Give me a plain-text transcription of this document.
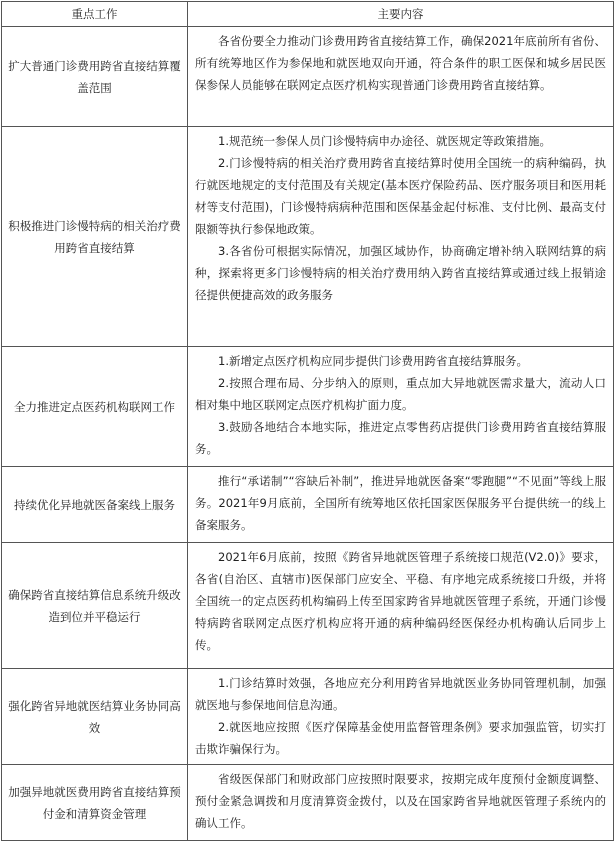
重点工作	主要内容
扩大普通门诊费用跨省直接结算覆盖范围	各省份要全力推动门诊费用跨省直接结算工作，确保2021年底前所有省份、所有统筹地区作为参保地和就医地双向开通，符合条件的职工医保和城乡居民医保参保人员能够在联网定点医疗机构实现普通门诊费用跨省直接结算。

积极推进门诊慢特病的相关治疗费用跨省直接结算	1.规范统一参保人员门诊慢特病申办途径、就医规定等政策措施。

2.门诊慢特病的相关治疗费用跨省直接结算时使用全国统一的病种编码，执行就医地规定的支付范围及有关规定(基本医疗保险药品、医疗服务项目和医用耗材等支付范围)，门诊慢特病病种范围和医保基金起付标准、支付比例、最高支付限额等执行参保地政策。

3.各省份可根据实际情况，加强区域协作，协商确定增补纳入联网结算的病种，探索将更多门诊慢特病的相关治疗费用纳入跨省直接结算或通过线上报销途径提供便捷高效的政务服务

全力推进定点医药机构联网工作	1.新增定点医疗机构应同步提供门诊费用跨省直接结算服务。

2.按照合理布局、分步纳入的原则，重点加大异地就医需求量大，流动人口相对集中地区联网定点医疗机构扩面力度。

3.鼓励各地结合本地实际，推进定点零售药店提供门诊费用跨省直接结算服务。

持续优化异地就医备案线上服务	推行“承诺制”“容缺后补制”，推进异地就医备案“零跑腿”“不见面”等线上服务。2021年9月底前，全国所有统筹地区依托国家医保服务平台提供统一的线上备案服务。

确保跨省直接结算信息系统升级改造到位并平稳运行	2021年6月底前，按照《跨省异地就医管理子系统接口规范(V2.0)》要求，各省(自治区、直辖市)医保部门应安全、平稳、有序地完成系统接口升级，并将全国统一的定点医药机构编码上传至国家跨省异地就医管理子系统，开通门诊慢特病跨省联网定点医疗机构应将开通的病种编码经医保经办机构确认后同步上传。

强化跨省异地就医结算业务协同高效	1.门诊结算时效强，各地应充分利用跨省异地就医业务协同管理机制，加强就医地与参保地间信息沟通。

2.就医地应按照《医疗保障基金使用监督管理条例》要求加强监管，切实打击欺诈骗保行为。

加强异地就医费用跨省直接结算预付金和清算资金管理	省级医保部门和财政部门应按照时限要求，按期完成年度预付金额度调整、预付金紧急调拨和月度清算资金拨付，以及在国家跨省异地就医管理子系统内的确认工作。
